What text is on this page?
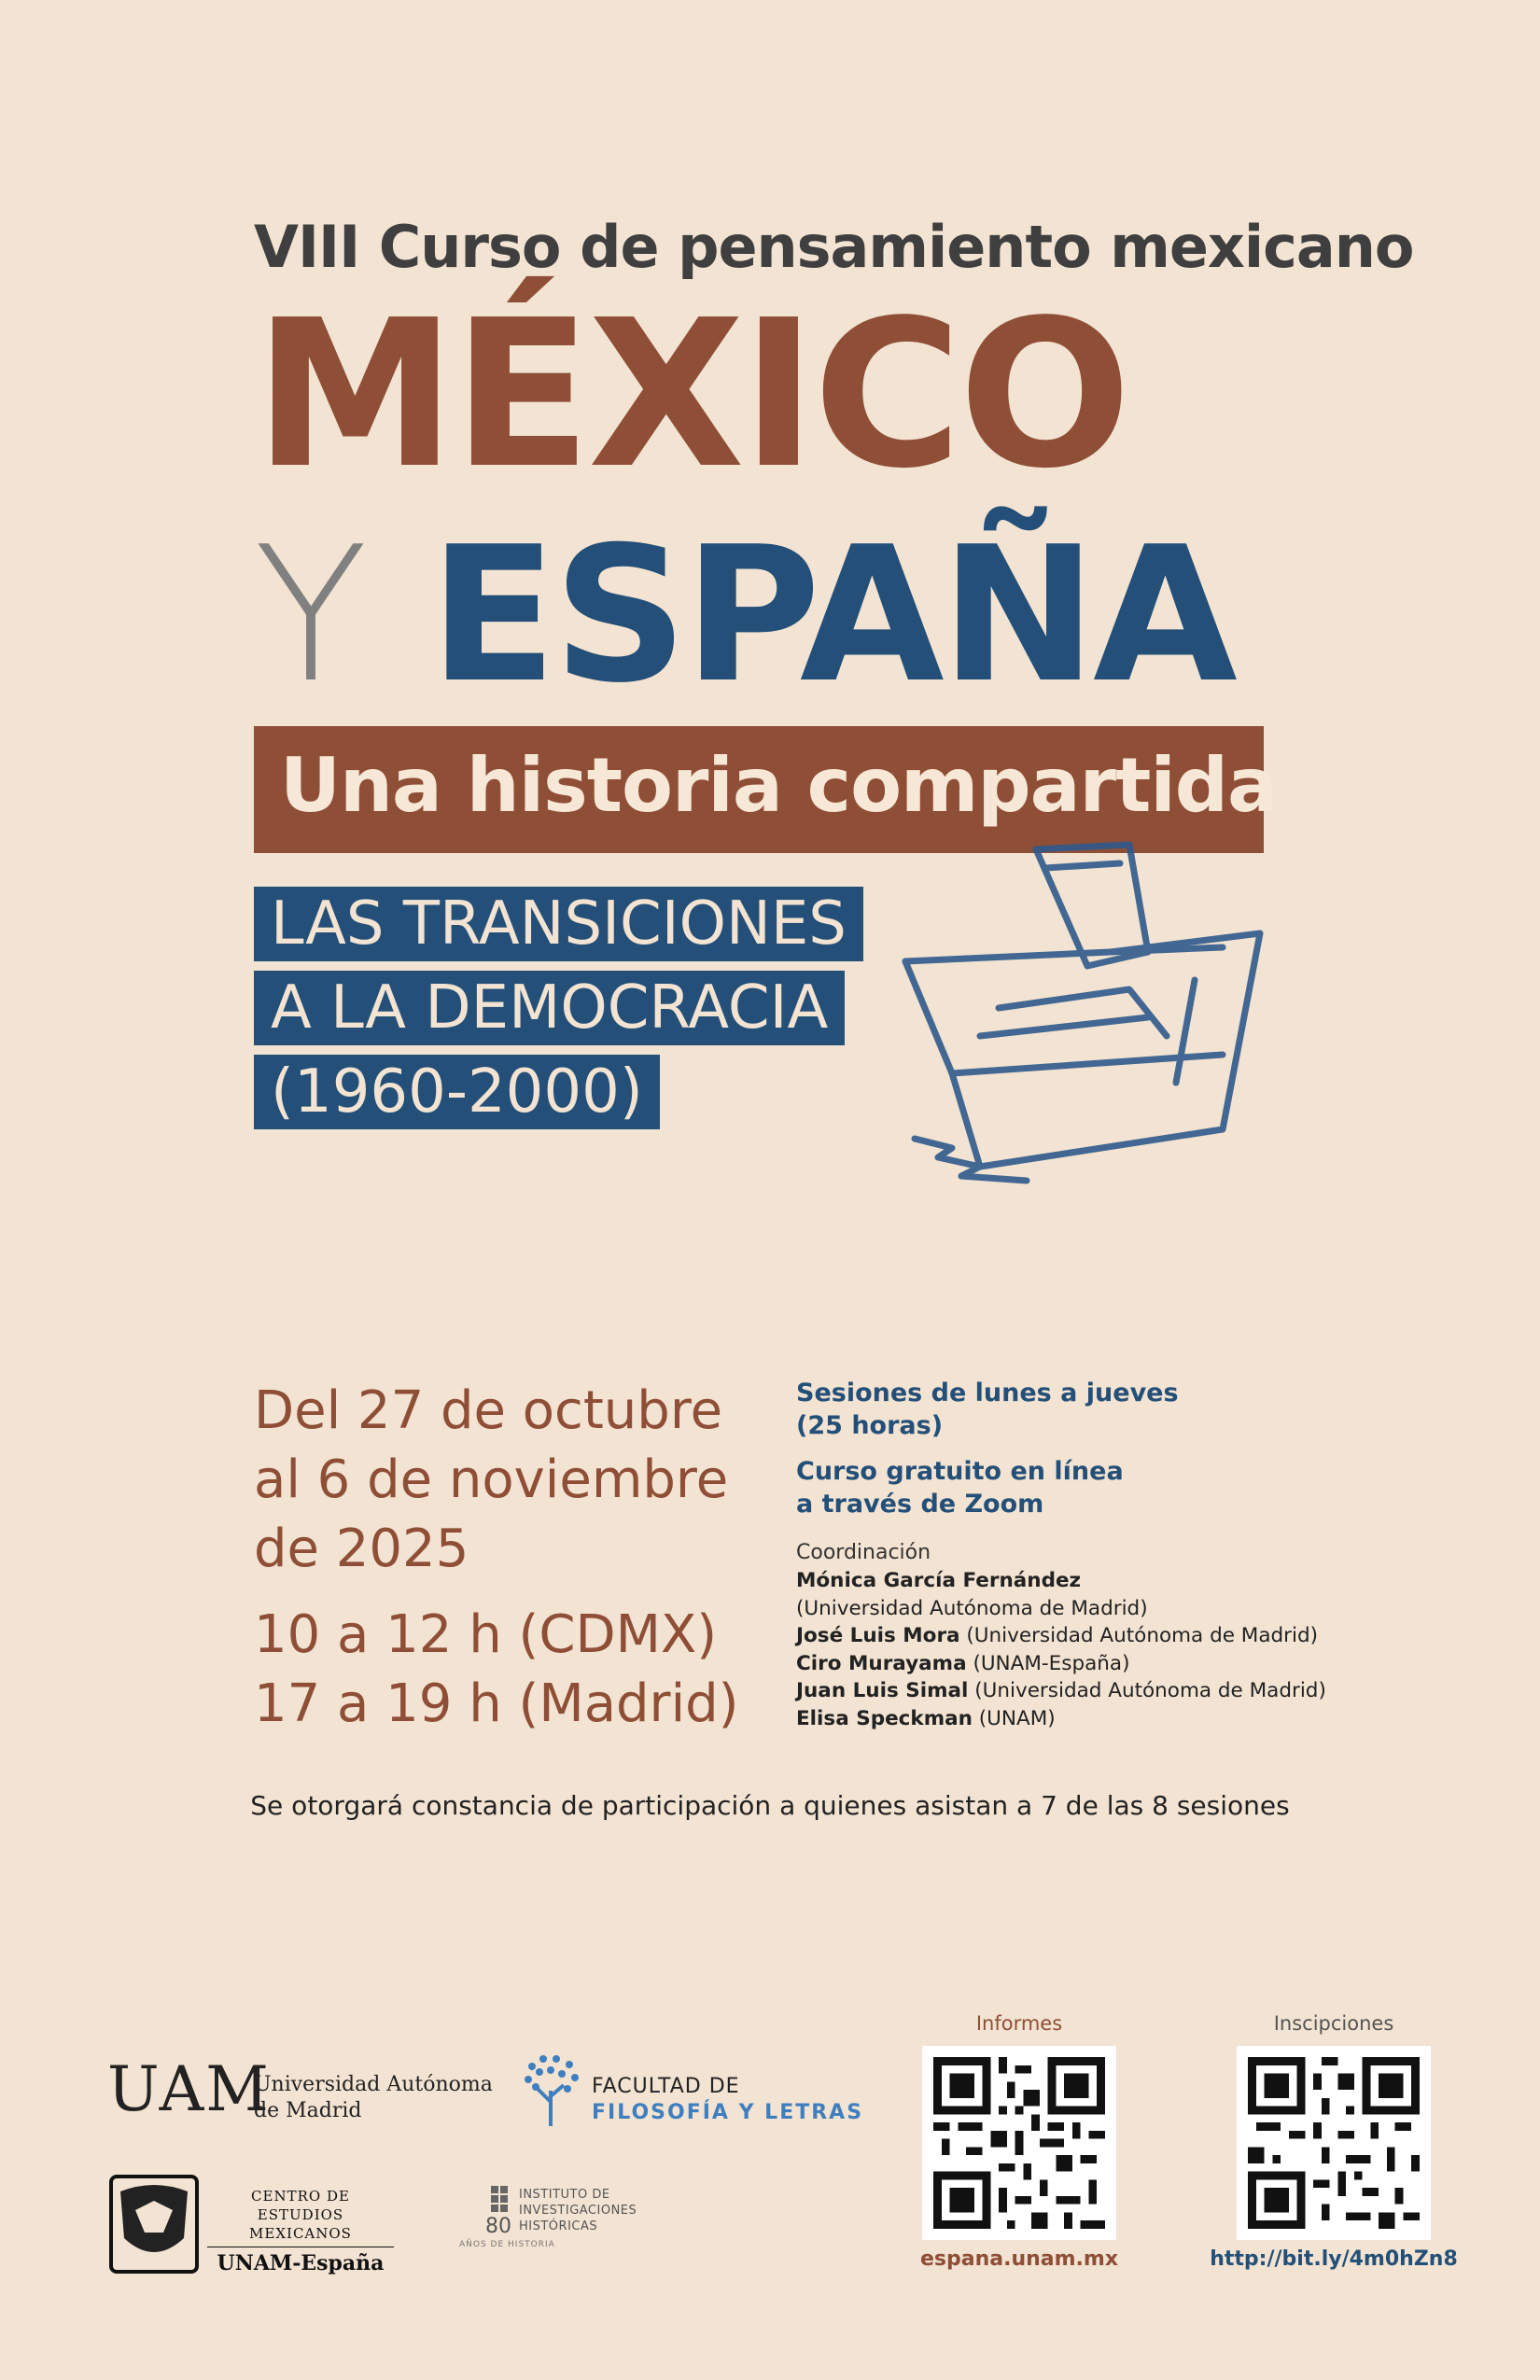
VIII Curso de pensamiento mexicano
MÉXICO
Y ESPAÑA
Una historia compartida
LAS TRANSICIONES
A LA DEMOCRACIA
(1960-2000)
Del 27 de octubre
al 6 de noviembre
de 2025
10 a 12 h (CDMX)
17 a 19 h (Madrid)

Sesiones de lunes a jueves

(25 horas)

Curso gratuito en línea

a través de Zoom

Coordinación
Mónica García Fernández
(Universidad Autónoma de Madrid)
José Luis Mora (Universidad Autónoma de Madrid)
Ciro Murayama (UNAM-España)
Juan Luis Simal (Universidad Autónoma de Madrid)
Elisa Speckman (UNAM)
Se otorgará constancia de participación a quienes asistan a 7 de las 8 sesiones
UAM
Universidad Autónoma
de Madrid
FACULTAD DE
FILOSOFÍA Y LETRAS
CENTRO DE ESTUDIOS
MEXICANOS
UNAM-España
80
INSTITUTO DE
INVESTIGACIONES
HISTÓRICAS
AÑOS DE HISTORIA
Informes
espana.unam.mx
Inscipciones
http://bit.ly/4m0hZn8
